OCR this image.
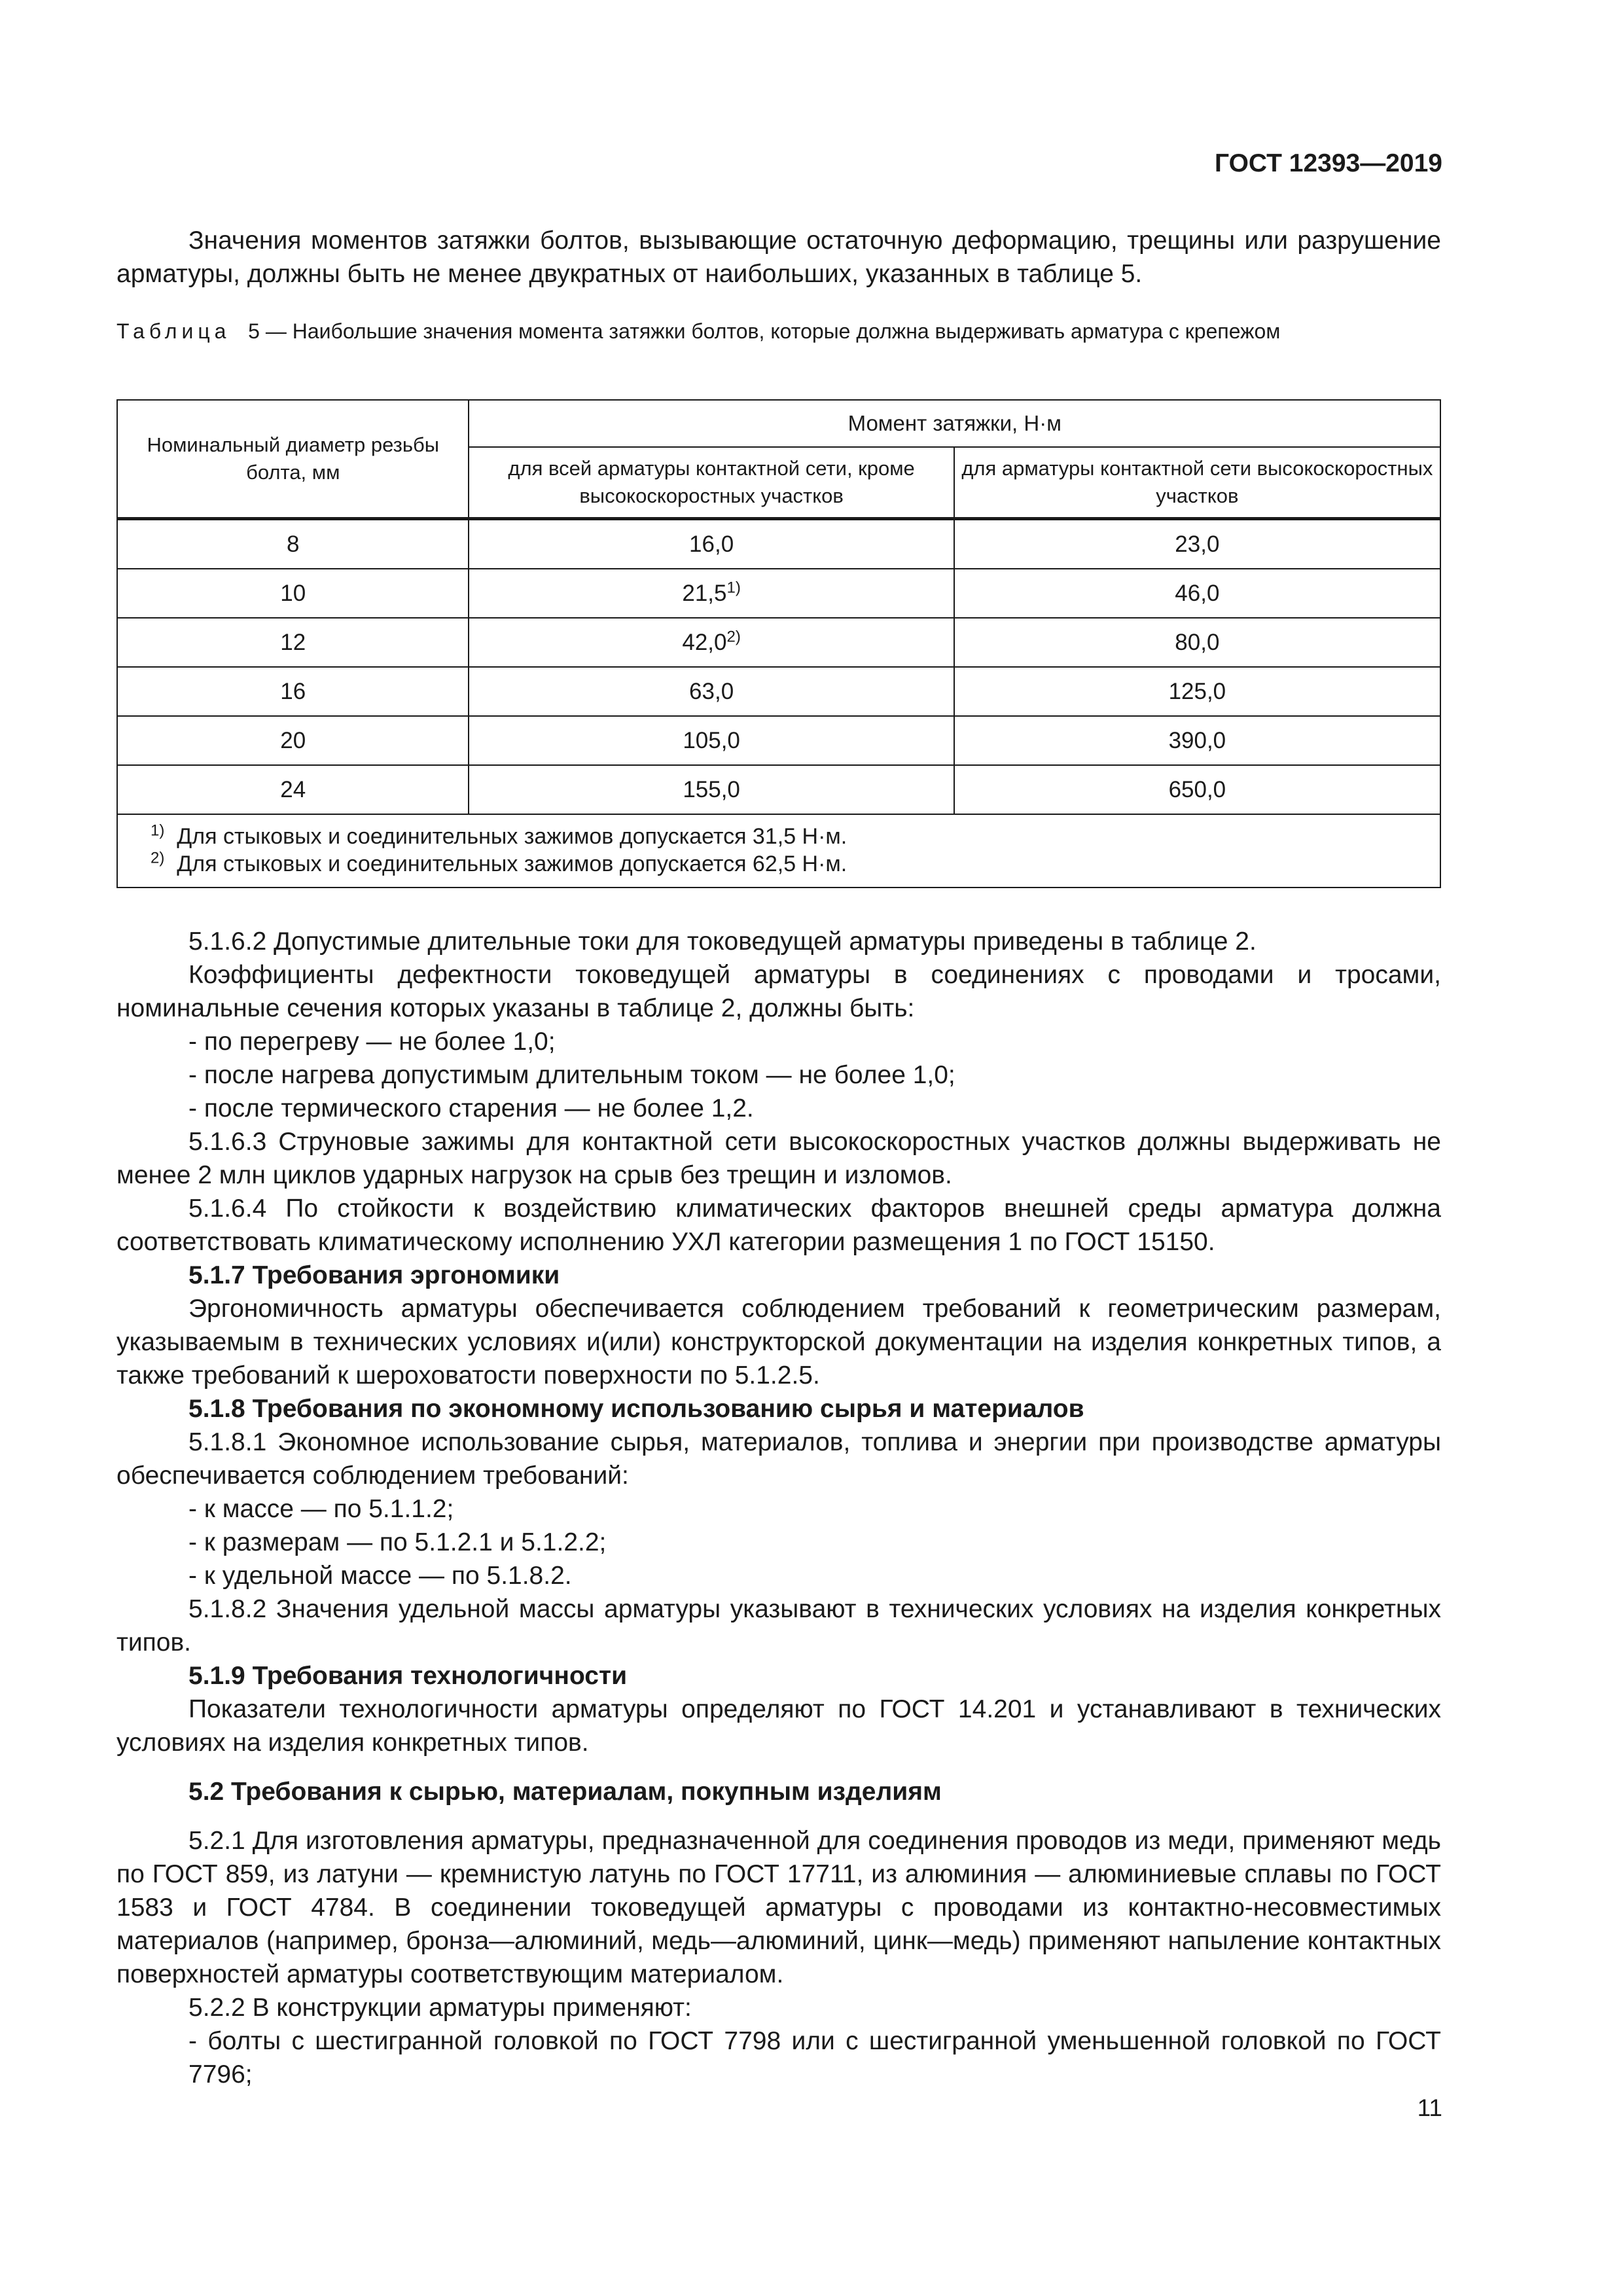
ГОСТ 12393—2019
Значения моментов затяжки болтов, вызывающие остаточную деформацию, трещины или разрушение арматуры, должны быть не менее двукратных от наибольших, указанных в таблице 5.
Таблица 5 — Наибольшие значения момента затяжки болтов, которые должна выдерживать арматура с крепежом
Номинальный диаметр резьбы болта, мм	Момент затяжки, Н·м	
	для всей арматуры контактной сети, кроме высокоскоростных участков	для арматуры контактной сети высокоскоростных участков
8	16,0	23,0
10	21,5$^{1)}$	46,0
12	42,0$^{2)}$	80,0
16	63,0	125,0
20	105,0	390,0
24	155,0	650,0

$^{1)}$ Для стыковых и соединительных зажимов допускается 31,5 Н·м.
$^{2)}$ Для стыковых и соединительных зажимов допускается 62,5 Н·м.		
5.1.6.2 Допустимые длительные токи для токоведущей арматуры приведены в таблице 2.
Коэффициенты дефектности токоведущей арматуры в соединениях с проводами и тросами, номинальные сечения которых указаны в таблице 2, должны быть:
- по перегреву — не более 1,0;
- после нагрева допустимым длительным током — не более 1,0;
- после термического старения — не более 1,2.
5.1.6.3 Струновые зажимы для контактной сети высокоскоростных участков должны выдерживать не менее 2 млн циклов ударных нагрузок на срыв без трещин и изломов.
5.1.6.4 По стойкости к воздействию климатических факторов внешней среды арматура должна соответствовать климатическому исполнению УХЛ категории размещения 1 по ГОСТ 15150.
5.1.7 Требования эргономики
Эргономичность арматуры обеспечивается соблюдением требований к геометрическим размерам, указываемым в технических условиях и(или) конструкторской документации на изделия конкретных типов, а также требований к шероховатости поверхности по 5.1.2.5.
5.1.8 Требования по экономному использованию сырья и материалов
5.1.8.1 Экономное использование сырья, материалов, топлива и энергии при производстве арматуры обеспечивается соблюдением требований:
- к массе — по 5.1.1.2;
- к размерам — по 5.1.2.1 и 5.1.2.2;
- к удельной массе — по 5.1.8.2.
5.1.8.2 Значения удельной массы арматуры указывают в технических условиях на изделия конкретных типов.
5.1.9 Требования технологичности
Показатели технологичности арматуры определяют по ГОСТ 14.201 и устанавливают в технических условиях на изделия конкретных типов.
5.2 Требования к сырью, материалам, покупным изделиям
5.2.1 Для изготовления арматуры, предназначенной для соединения проводов из меди, применяют медь по ГОСТ 859, из латуни — кремнистую латунь по ГОСТ 17711, из алюминия — алюминиевые сплавы по ГОСТ 1583 и ГОСТ 4784. В соединении токоведущей арматуры с проводами из контактно-несовместимых материалов (например, бронза—алюминий, медь—алюминий, цинк—медь) применяют напыление контактных поверхностей арматуры соответствующим материалом.
5.2.2 В конструкции арматуры применяют:
- болты с шестигранной головкой по ГОСТ 7798 или с шестигранной уменьшенной головкой по ГОСТ 7796;
11
